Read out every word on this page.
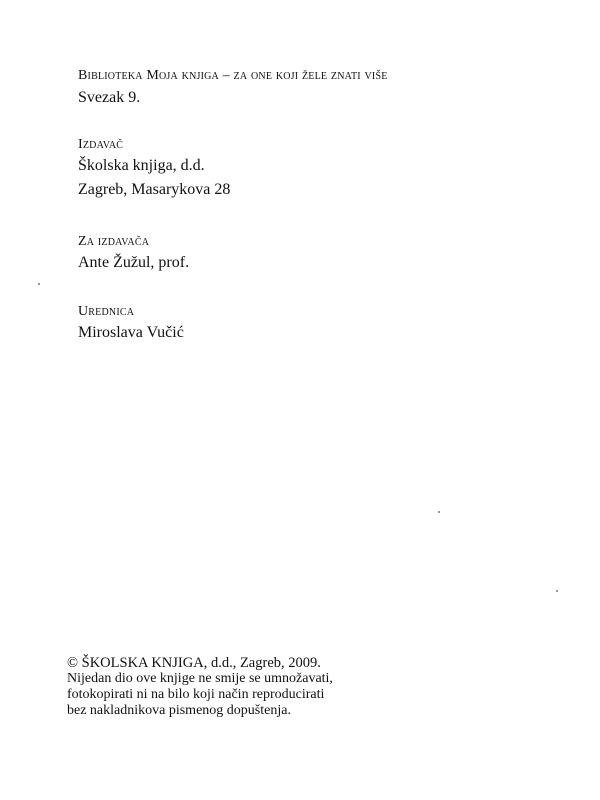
Biblioteka Moja knjiga – za one koji žele znati više
Svezak 9.
Izdavač
Školska knjiga, d.d.
Zagreb, Masarykova 28
Za izdavača
Ante Žužul, prof.
Urednica
Miroslava Vučić
© ŠKOLSKA KNJIGA, d.d., Zagreb, 2009.
Nijedan dio ove knjige ne smije se umnožavati,
fotokopirati ni na bilo koji način reproducirati
bez nakladnikova pismenog dopuštenja.
